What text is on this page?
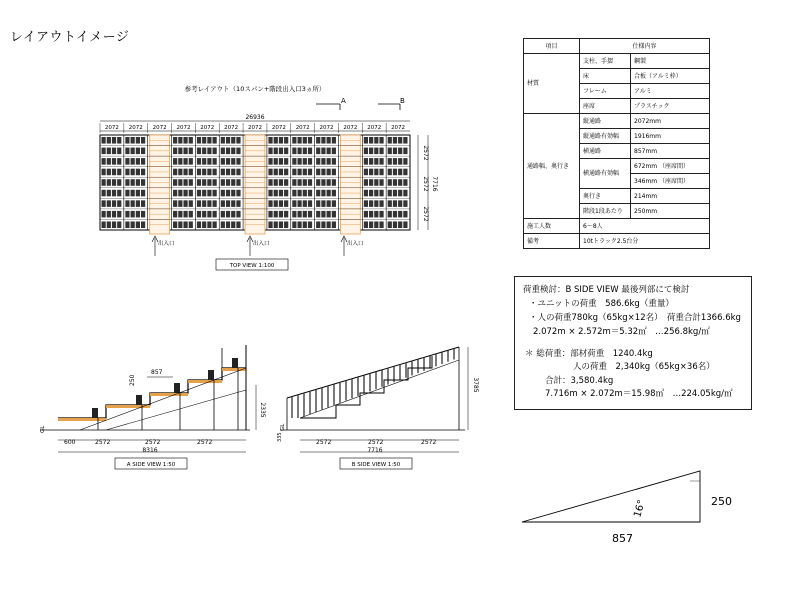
レイアウトイメージ
参考レイアウト（10スパン+階段出入口3ヵ所）
A	B
26936
2072 2072 2072 2072 2072 2072 2072 2072 2072 2072 2072 2072 2072
2572
2572
2572
7716
出入口	出入口	出入口
TOP VIEW 1:100
857
250
2335
GL
600	2572	2572	2572
8316
A SIDE VIEW 1:50
3785
GL
335
2572	2572	2572
7716
B SIDE VIEW 1:50
16°	250
857
項目	仕様内容	
材質	支柱、手摺	鋼製
	床	合板（アルミ枠）
	フレーム	アルミ
	座席	プラスチック
通路幅、奥行き	縦通路	2072mm
	縦通路有効幅	1916mm
	横通路	857mm
	横通路有効幅	672mm （座席間）
		346mm （座席間）
	奥行き	214mm
	階段1段あたり	250mm
施工人数	6～8人	
備考	10tトラック2.5台分	
荷重検討：B SIDE VIEW 最後列部にて検討
・ユニットの荷重　586.6kg（重量）
・人の荷重780kg（65kg×12名）　荷重合計1366.6kg
2.072m × 2.572m＝5.32㎡　…256.8kg/㎡
＊ 総荷重：部材荷重　1240.4kg
人の荷重　2,340kg（65kg×36名）
合計：3,580.4kg
7.716m × 2.072m＝15.98㎡　…224.05kg/㎡
